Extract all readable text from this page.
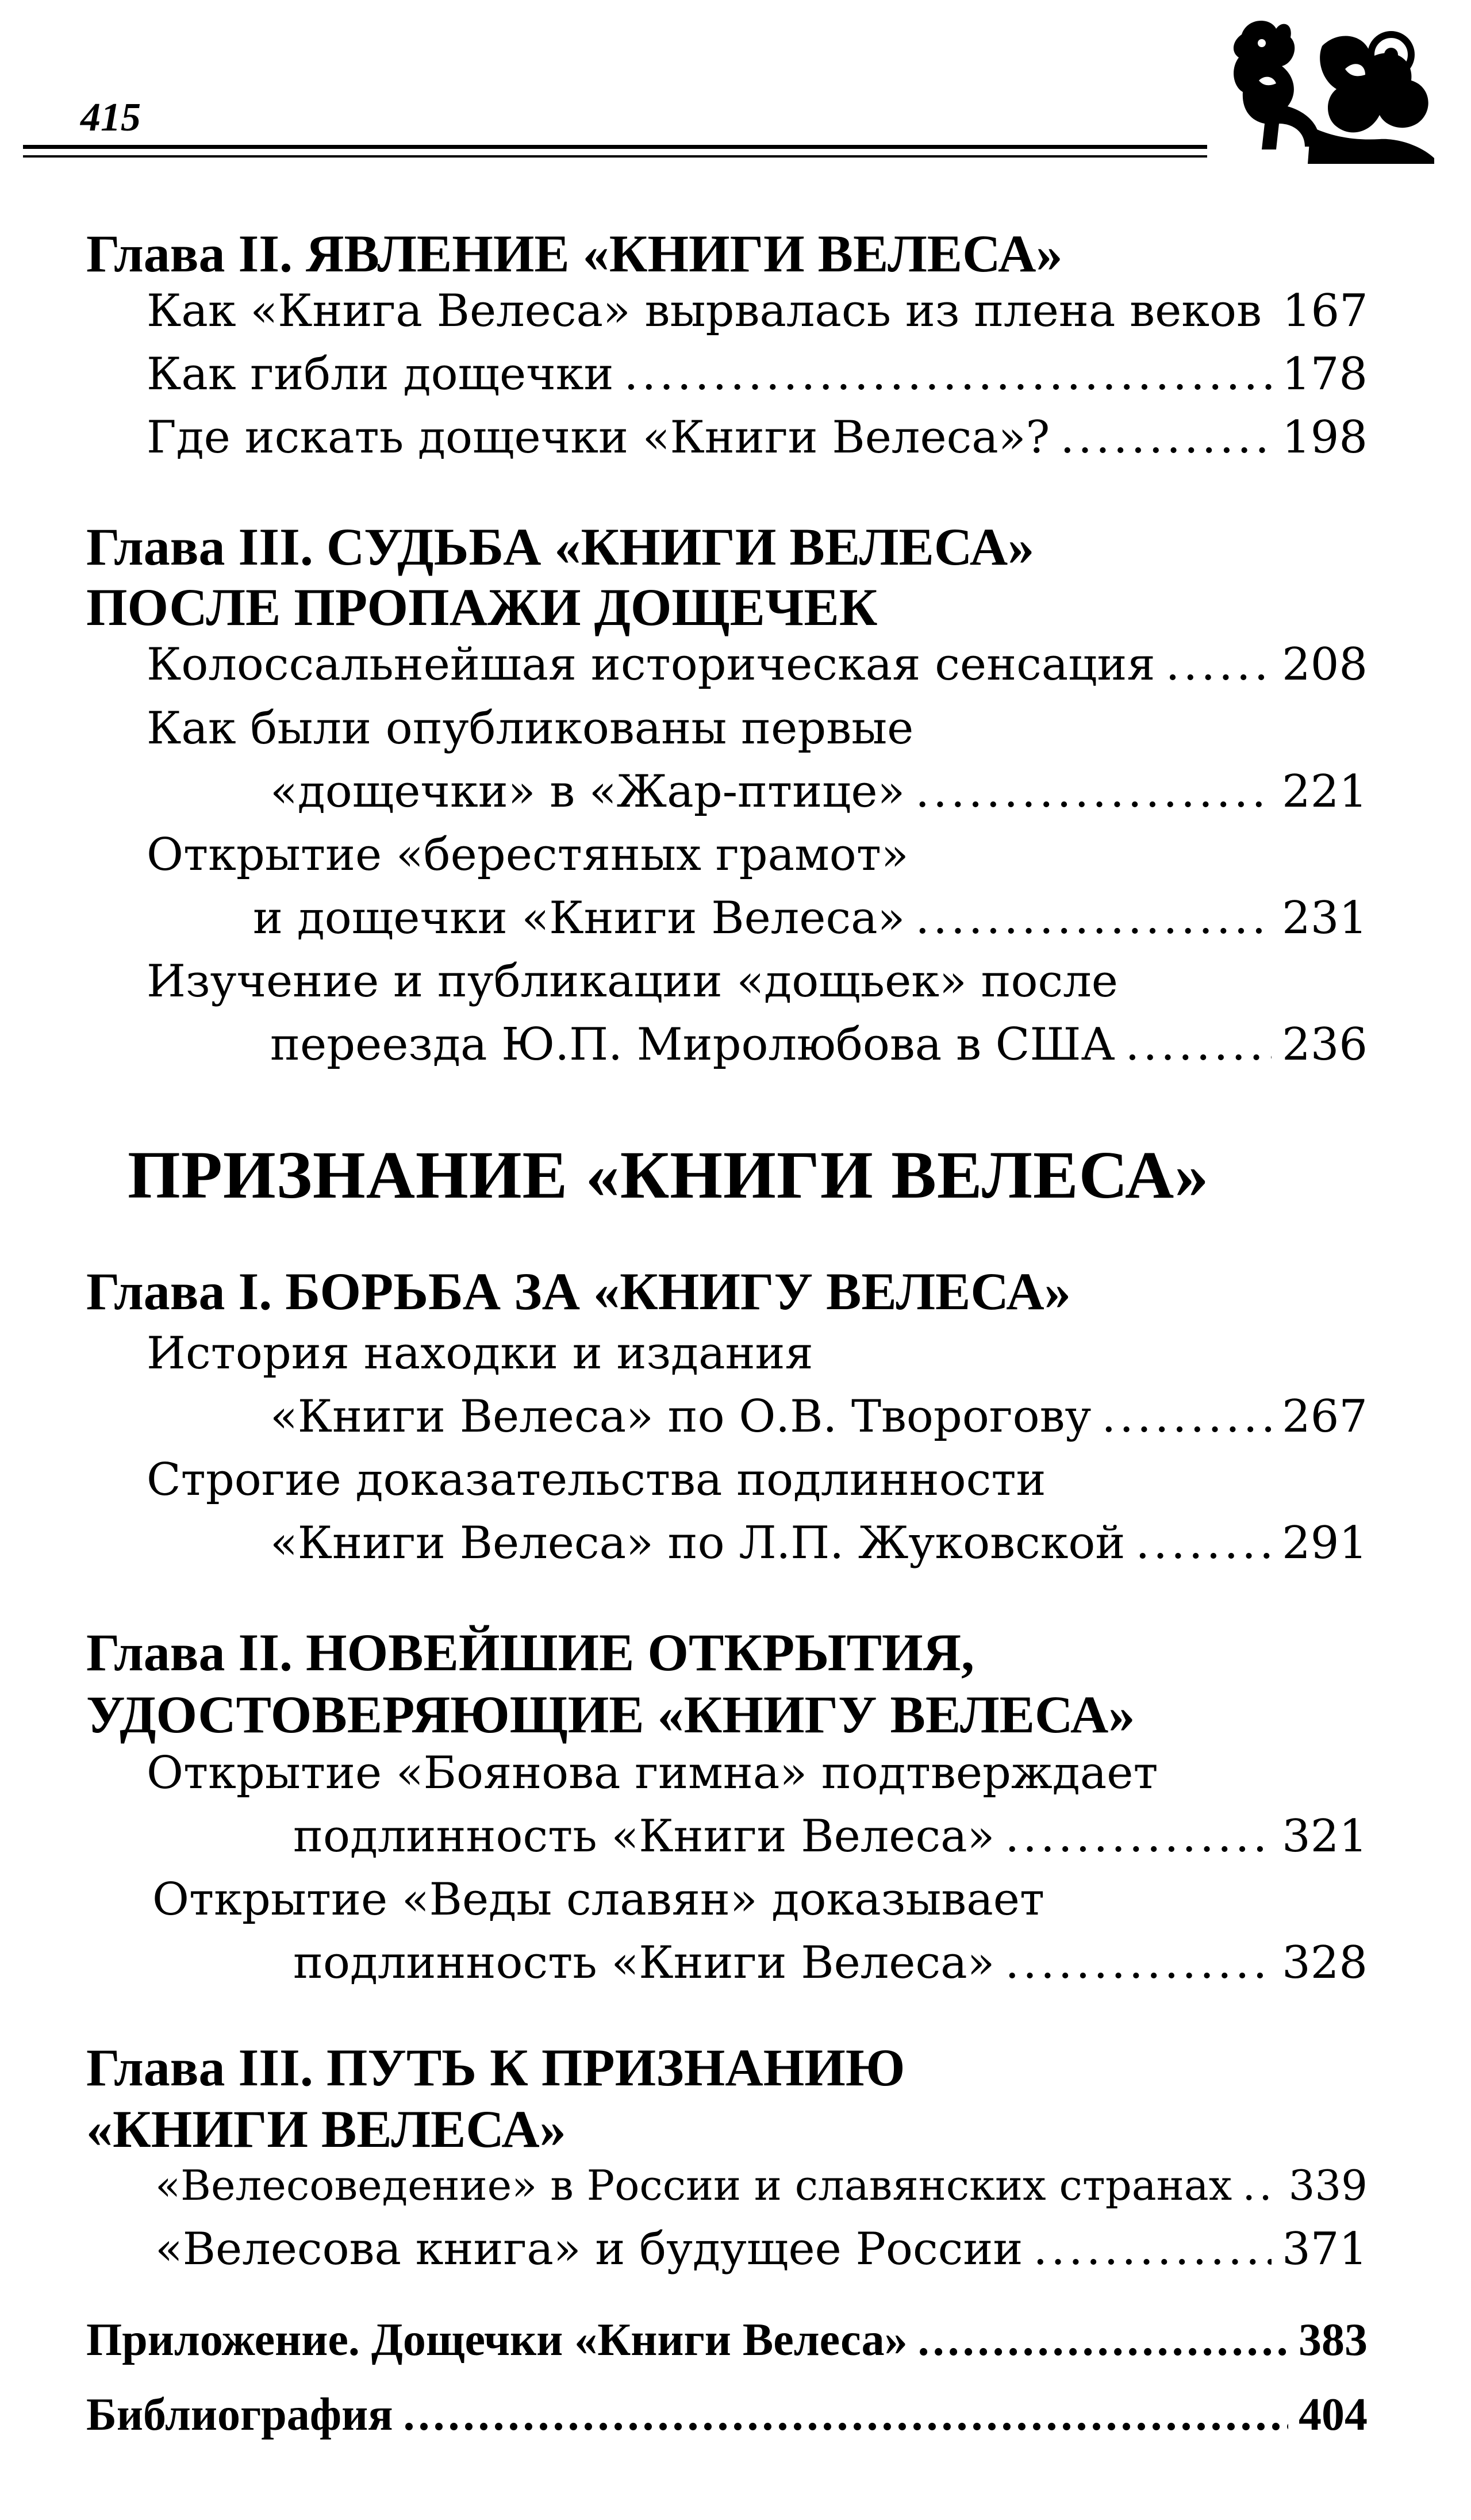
415
Глава II. ЯВЛЕНИЕ «КНИГИ ВЕЛЕСА»
Как «Книга Велеса» вырвалась из плена веков 167
Как гибли дощечки .....	178
Где искать дощечки «Книги Велеса»? .....	198
Глава III. СУДЬБА «КНИГИ ВЕЛЕСА»
ПОСЛЕ ПРОПАЖИ ДОЩЕЧЕК
Колоссальнейшая историческая сенсация .....	208
Как были опубликованы первые
«дощечки» в «Жар-птице» .....	221
Открытие «берестяных грамот»
и дощечки «Книги Велеса» .....	231
Изучение и публикации «дощьек» после
переезда Ю.П. Миролюбова в США .....	236
ПРИЗНАНИЕ «КНИГИ ВЕЛЕСА»
Глава I. БОРЬБА ЗА «КНИГУ ВЕЛЕСА»
История находки и издания
«Книги Велеса» по О.В. Творогову .....	267
Строгие доказательства подлинности
«Книги Велеса» по Л.П. Жуковской .....	291
Глава II. НОВЕЙШИЕ ОТКРЫТИЯ,
УДОСТОВЕРЯЮЩИЕ «КНИГУ ВЕЛЕСА»
Открытие «Боянова гимна» подтверждает
подлинность «Книги Велеса» .....	321
Открытие «Веды славян» доказывает
подлинность «Книги Велеса» .....	328
Глава III. ПУТЬ К ПРИЗНАНИЮ
«КНИГИ ВЕЛЕСА»
«Велесоведение» в России и славянских странах ..... 339
«Велесова книга» и будущее России .....	371
Приложение. Дощечки «Книги Велеса» .....	383
Библиография .....	404
